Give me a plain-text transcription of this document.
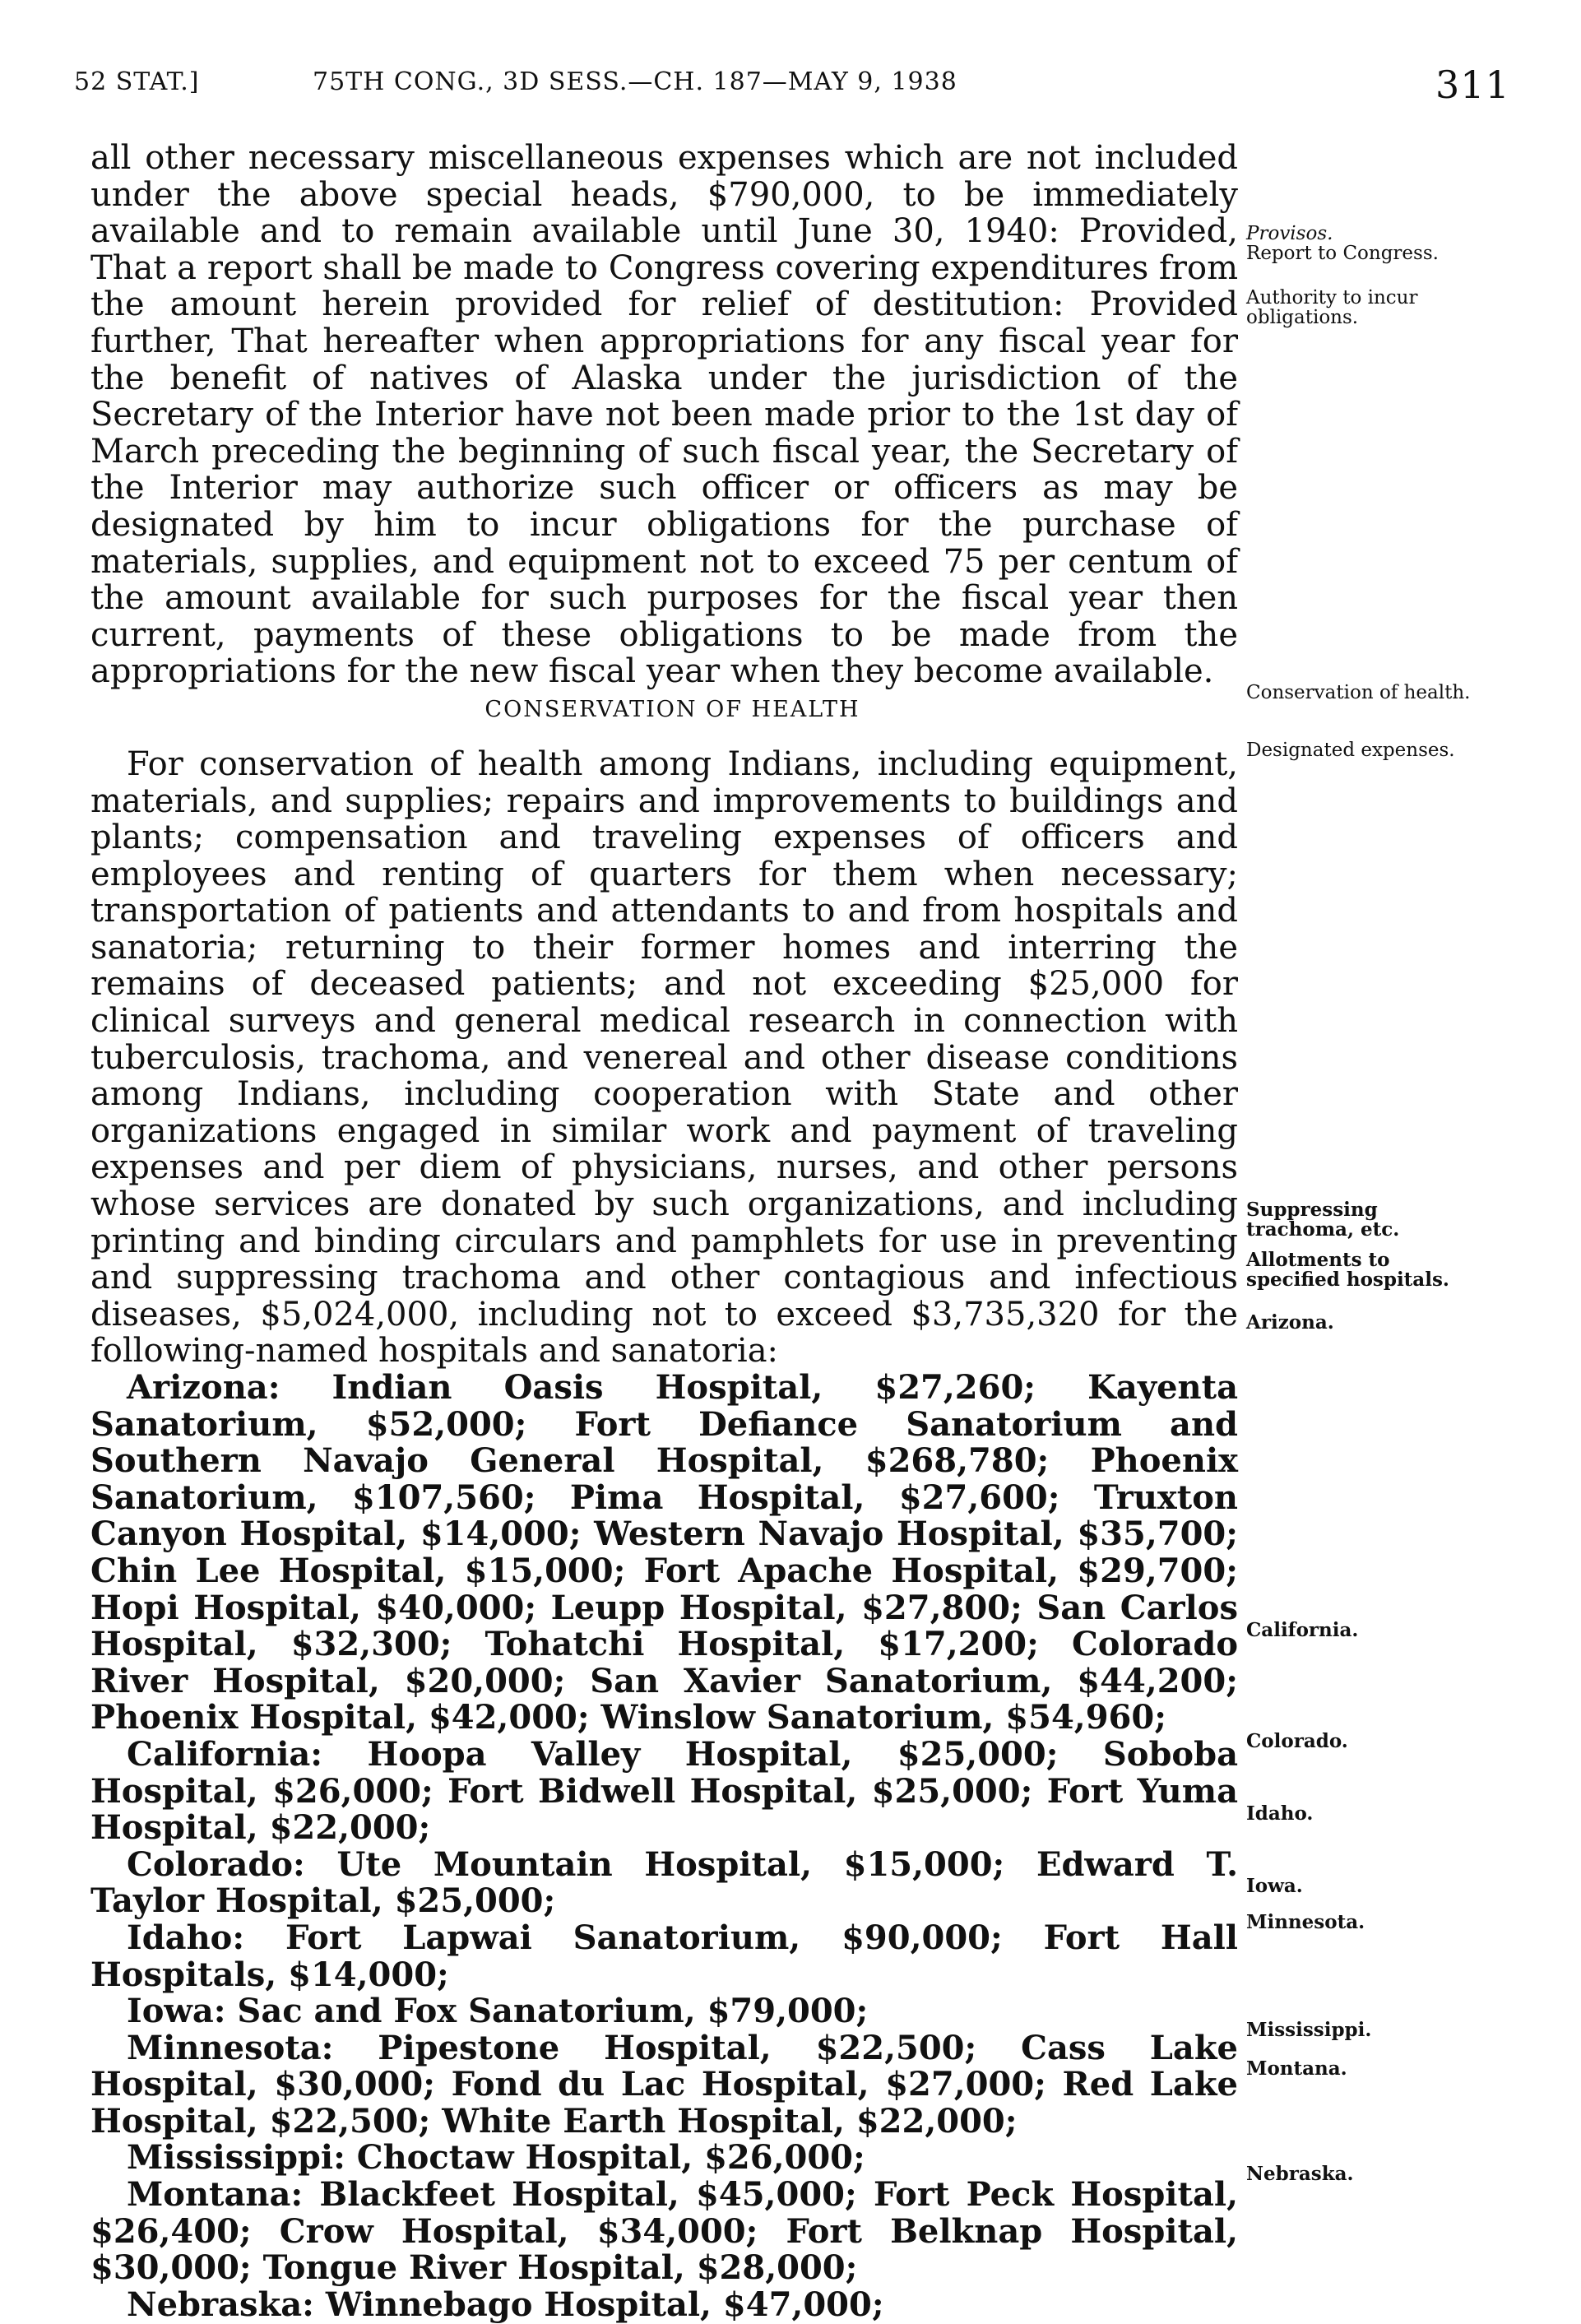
52 STAT.]	75TH CONG., 3D SESS.—CH. 187—MAY 9, 1938	311

all other necessary miscellaneous expenses which are not included under the above special heads, $790,000, to be immediately available and to remain available until June 30, 1940: Provided, That a report shall be made to Congress covering expenditures from the amount herein provided for relief of destitution: Provided further, That hereafter when appropriations for any fiscal year for the benefit of natives of Alaska under the jurisdiction of the Secretary of the Interior have not been made prior to the 1st day of March preceding the beginning of such fiscal year, the Secretary of the Interior may authorize such officer or officers as may be designated by him to incur obligations for the purchase of materials, supplies, and equipment not to exceed 75 per centum of the amount available for such purposes for the fiscal year then current, payments of these obligations to be made from the appropriations for the new fiscal year when they become available.

CONSERVATION OF HEALTH

For conservation of health among Indians, including equipment, materials, and supplies; repairs and improvements to buildings and plants; compensation and traveling expenses of officers and employees and renting of quarters for them when necessary; transportation of patients and attendants to and from hospitals and sanatoria; returning to their former homes and interring the remains of deceased patients; and not exceeding $25,000 for clinical surveys and general medical research in connection with tuberculosis, trachoma, and venereal and other disease conditions among Indians, including cooperation with State and other organizations engaged in similar work and payment of traveling expenses and per diem of physicians, nurses, and other persons whose services are donated by such organizations, and including printing and binding circulars and pamphlets for use in preventing and suppressing trachoma and other contagious and infectious diseases, $5,024,000, including not to exceed $3,735,320 for the following-named hospitals and sanatoria:

Arizona: Indian Oasis Hospital, $27,260; Kayenta Sanatorium, $52,000; Fort Defiance Sanatorium and Southern Navajo General Hospital, $268,780; Phoenix Sanatorium, $107,560; Pima Hospital, $27,600; Truxton Canyon Hospital, $14,000; Western Navajo Hospital, $35,700; Chin Lee Hospital, $15,000; Fort Apache Hospital, $29,700; Hopi Hospital, $40,000; Leupp Hospital, $27,800; San Carlos Hospital, $32,300; Tohatchi Hospital, $17,200; Colorado River Hospital, $20,000; San Xavier Sanatorium, $44,200; Phoenix Hospital, $42,000; Winslow Sanatorium, $54,960;

California: Hoopa Valley Hospital, $25,000; Soboba Hospital, $26,000; Fort Bidwell Hospital, $25,000; Fort Yuma Hospital, $22,000;

Colorado: Ute Mountain Hospital, $15,000; Edward T. Taylor Hospital, $25,000;

Idaho: Fort Lapwai Sanatorium, $90,000; Fort Hall Hospitals, $14,000;

Iowa: Sac and Fox Sanatorium, $79,000;

Minnesota: Pipestone Hospital, $22,500; Cass Lake Hospital, $30,000; Fond du Lac Hospital, $27,000; Red Lake Hospital, $22,500; White Earth Hospital, $22,000;

Mississippi: Choctaw Hospital, $26,000;

Montana: Blackfeet Hospital, $45,000; Fort Peck Hospital, $26,400; Crow Hospital, $34,000; Fort Belknap Hospital, $30,000; Tongue River Hospital, $28,000;

Nebraska: Winnebago Hospital, $47,000;

Provisos.
Report to Congress.
Authority to incur obligations.
Conservation of health.
Designated expenses.
Suppressing trachoma, etc.
Allotments to specified hospitals.
Arizona.
California.
Colorado.
Idaho.
Iowa.
Minnesota.
Mississippi.
Montana.
Nebraska.
